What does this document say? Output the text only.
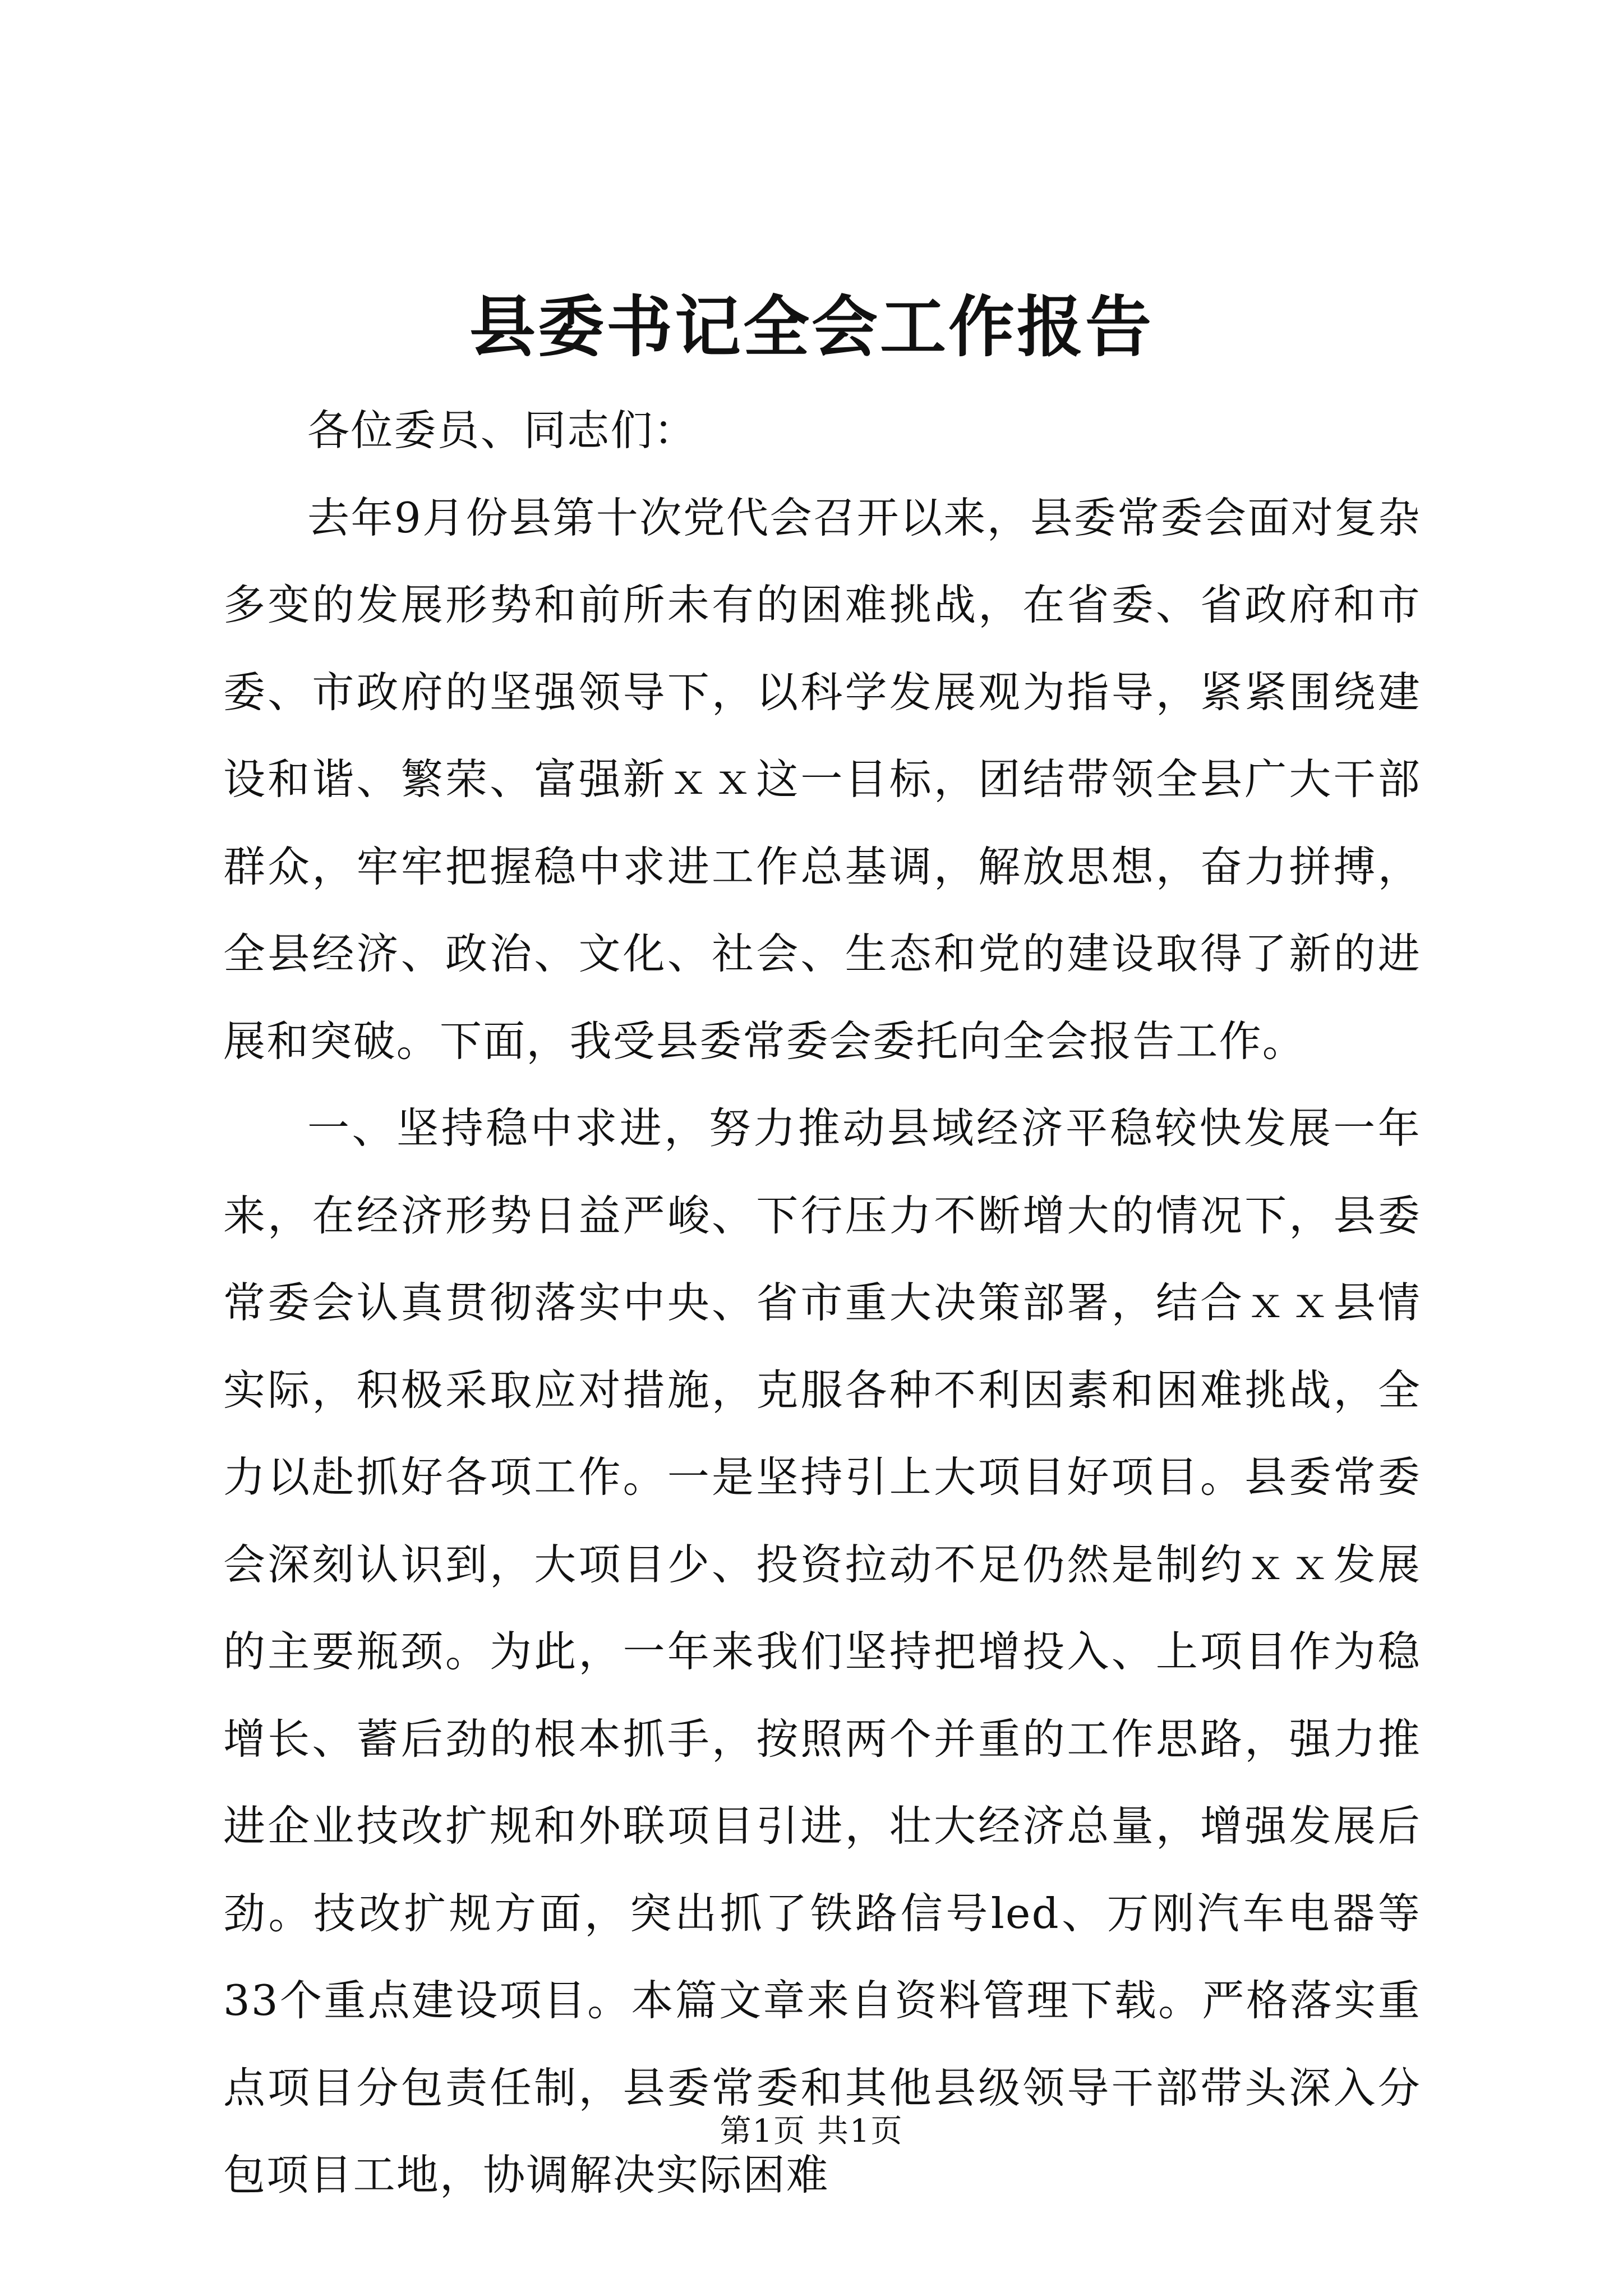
县委书记全会工作报告

各位委员、同志们：

去年9月份县第十次党代会召开以来，县委常委会面对复杂多变的发展形势和前所未有的困难挑战，在省委、省政府和市委、市政府的坚强领导下，以科学发展观为指导，紧紧围绕建设和谐、繁荣、富强新ｘｘ这一目标，团结带领全县广大干部群众，牢牢把握稳中求进工作总基调，解放思想，奋力拼搏，全县经济、政治、文化、社会、生态和党的建设取得了新的进展和突破。下面，我受县委常委会委托向全会报告工作。

一、坚持稳中求进，努力推动县域经济平稳较快发展一年来，在经济形势日益严峻、下行压力不断增大的情况下，县委常委会认真贯彻落实中央、省市重大决策部署，结合ｘｘ县情实际，积极采取应对措施，克服各种不利因素和困难挑战，全力以赴抓好各项工作。一是坚持引上大项目好项目。县委常委会深刻认识到，大项目少、投资拉动不足仍然是制约ｘｘ发展的主要瓶颈。为此，一年来我们坚持把增投入、上项目作为稳增长、蓄后劲的根本抓手，按照两个并重的工作思路，强力推进企业技改扩规和外联项目引进，壮大经济总量，增强发展后劲。技改扩规方面，突出抓了铁路信号led、万刚汽车电器等33个重点建设项目。本篇文章来自资料管理下载。严格落实重点项目分包责任制，县委常委和其他县级领导干部带头深入分包项目工地，协调解决实际困难

第1页 共1页
